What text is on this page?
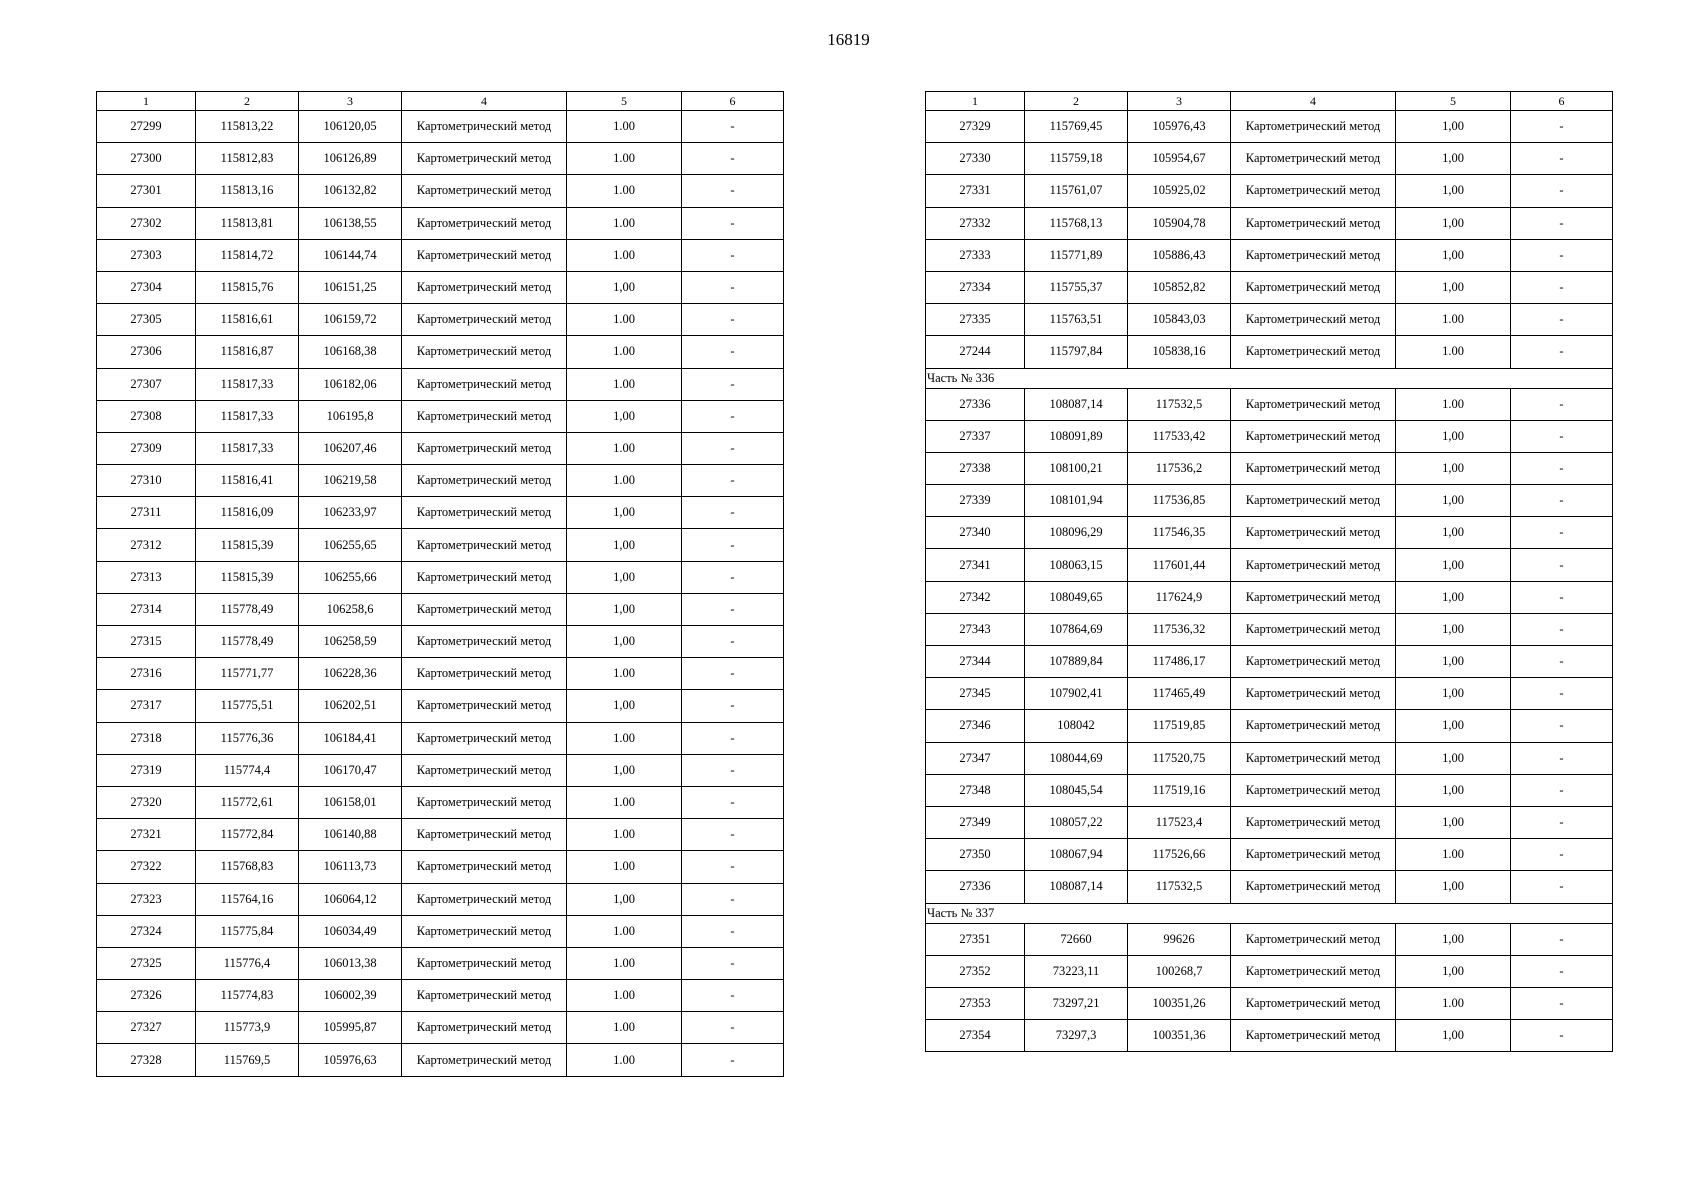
16819
1	2	3	4	5	6
27299	115813,22	106120,05	Картометрический метод	1.00	-
27300	115812,83	106126,89	Картометрический метод	1.00	-
27301	115813,16	106132,82	Картометрический метод	1.00	-
27302	115813,81	106138,55	Картометрический метод	1.00	-
27303	115814,72	106144,74	Картометрический метод	1.00	-
27304	115815,76	106151,25	Картометрический метод	1,00	-
27305	115816,61	106159,72	Картометрический метод	1.00	-
27306	115816,87	106168,38	Картометрический метод	1.00	-
27307	115817,33	106182,06	Картометрический метод	1.00	-
27308	115817,33	106195,8	Картометрический метод	1,00	-
27309	115817,33	106207,46	Картометрический метод	1.00	-
27310	115816,41	106219,58	Картометрический метод	1.00	-
27311	115816,09	106233,97	Картометрический метод	1,00	-
27312	115815,39	106255,65	Картометрический метод	1,00	-
27313	115815,39	106255,66	Картометрический метод	1,00	-
27314	115778,49	106258,6	Картометрический метод	1,00	-
27315	115778,49	106258,59	Картометрический метод	1,00	-
27316	115771,77	106228,36	Картометрический метод	1.00	-
27317	115775,51	106202,51	Картометрический метод	1,00	-
27318	115776,36	106184,41	Картометрический метод	1.00	-
27319	115774,4	106170,47	Картометрический метод	1,00	-
27320	115772,61	106158,01	Картометрический метод	1.00	-
27321	115772,84	106140,88	Картометрический метод	1.00	-
27322	115768,83	106113,73	Картометрический метод	1.00	-
27323	115764,16	106064,12	Картометрический метод	1,00	-
27324	115775,84	106034,49	Картометрический метод	1.00	-
27325	115776,4	106013,38	Картометрический метод	1.00	-
27326	115774,83	106002,39	Картометрический метод	1.00	-
27327	115773,9	105995,87	Картометрический метод	1.00	-
27328	115769,5	105976,63	Картометрический метод	1.00	-
1	2	3	4	5	6
27329	115769,45	105976,43	Картометрический метод	1,00	-
27330	115759,18	105954,67	Картометрический метод	1,00	-
27331	115761,07	105925,02	Картометрический метод	1,00	-
27332	115768,13	105904,78	Картометрический метод	1,00	-
27333	115771,89	105886,43	Картометрический метод	1,00	-
27334	115755,37	105852,82	Картометрический метод	1,00	-
27335	115763,51	105843,03	Картометрический метод	1.00	-
27244	115797,84	105838,16	Картометрический метод	1.00	-
Часть № 336					
27336	108087,14	117532,5	Картометрический метод	1.00	-
27337	108091,89	117533,42	Картометрический метод	1,00	-
27338	108100,21	117536,2	Картометрический метод	1,00	-
27339	108101,94	117536,85	Картометрический метод	1,00	-
27340	108096,29	117546,35	Картометрический метод	1,00	-
27341	108063,15	117601,44	Картометрический метод	1,00	-
27342	108049,65	117624,9	Картометрический метод	1,00	-
27343	107864,69	117536,32	Картометрический метод	1,00	-
27344	107889,84	117486,17	Картометрический метод	1,00	-
27345	107902,41	117465,49	Картометрический метод	1,00	-
27346	108042	117519,85	Картометрический метод	1,00	-
27347	108044,69	117520,75	Картометрический метод	1,00	-
27348	108045,54	117519,16	Картометрический метод	1,00	-
27349	108057,22	117523,4	Картометрический метод	1,00	-
27350	108067,94	117526,66	Картометрический метод	1.00	-
27336	108087,14	117532,5	Картометрический метод	1,00	-
Часть № 337					
27351	72660	99626	Картометрический метод	1,00	-
27352	73223,11	100268,7	Картометрический метод	1,00	-
27353	73297,21	100351,26	Картометрический метод	1.00	-
27354	73297,3	100351,36	Картометрический метод	1,00	-
